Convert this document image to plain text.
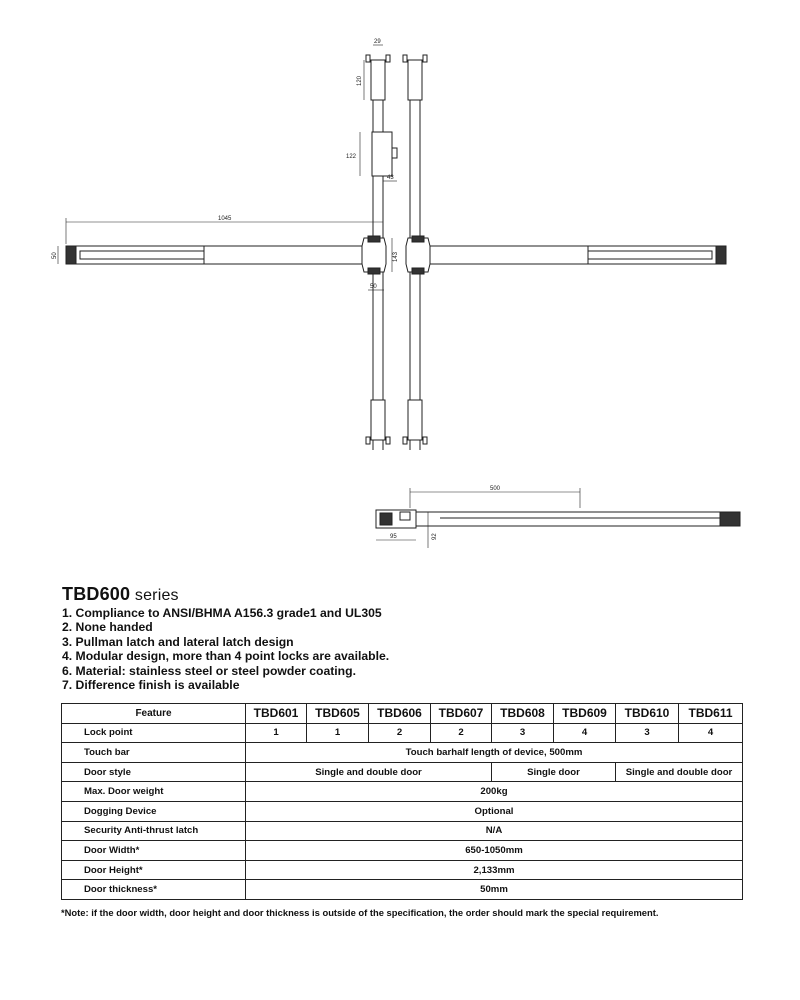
29
120
122
43
1045
50	143
50
500
95	92
TBD600 series
1. Compliance to ANSI/BHMA A156.3 grade1 and UL305
2. None handed
3. Pullman latch and lateral latch design
4. Modular design, more than 4 point locks are available.
6. Material: stainless steel or steel powder coating.
7. Difference finish is available
Feature	TBD601	TBD605	TBD606	TBD607	TBD608	TBD609	TBD610	TBD611
Lock point	1	1	2	2	3	4	3	4
Touch bar	Touch barhalf length of device, 500mm							
Door style	Single and double door				Single door		Single and double door	
Max. Door weight	200kg							
Dogging Device	Optional							
Security Anti-thrust latch	N/A							
Door Width*	650-1050mm							
Door Height*	2,133mm							
Door thickness*	50mm							
*Note: if the door width, door height and door thickness is outside of the specification, the order should mark the special requirement.
